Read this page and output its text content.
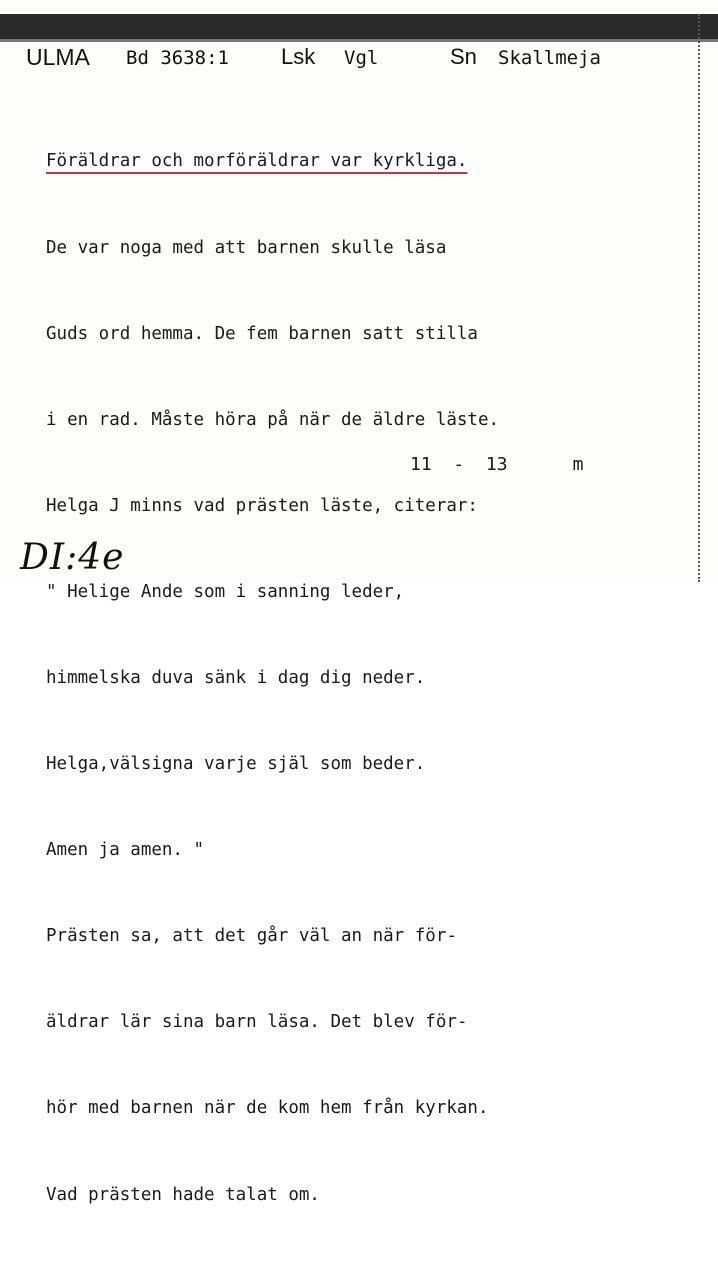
ULMA Bd 3638:1 Lsk Vgl	Sn Skallmeja

Föräldrar och morföräldrar var kyrkliga.

De var noga med att barnen skulle läsa

Guds ord hemma. De fem barnen satt stilla

i en rad. Måste höra på när de äldre läste.

Helga J minns vad prästen läste, citerar:

" Helige Ande som i sanning leder,

himmelska duva sänk i dag dig neder.

Helga,välsigna varje själ som beder.

Amen ja amen. "

Prästen sa, att det går väl an när för-

äldrar lär sina barn läsa. Det blev för-

hör med barnen när de kom hem från kyrkan.

Vad prästen hade talat om.

11  -  13	m
DI:4e
